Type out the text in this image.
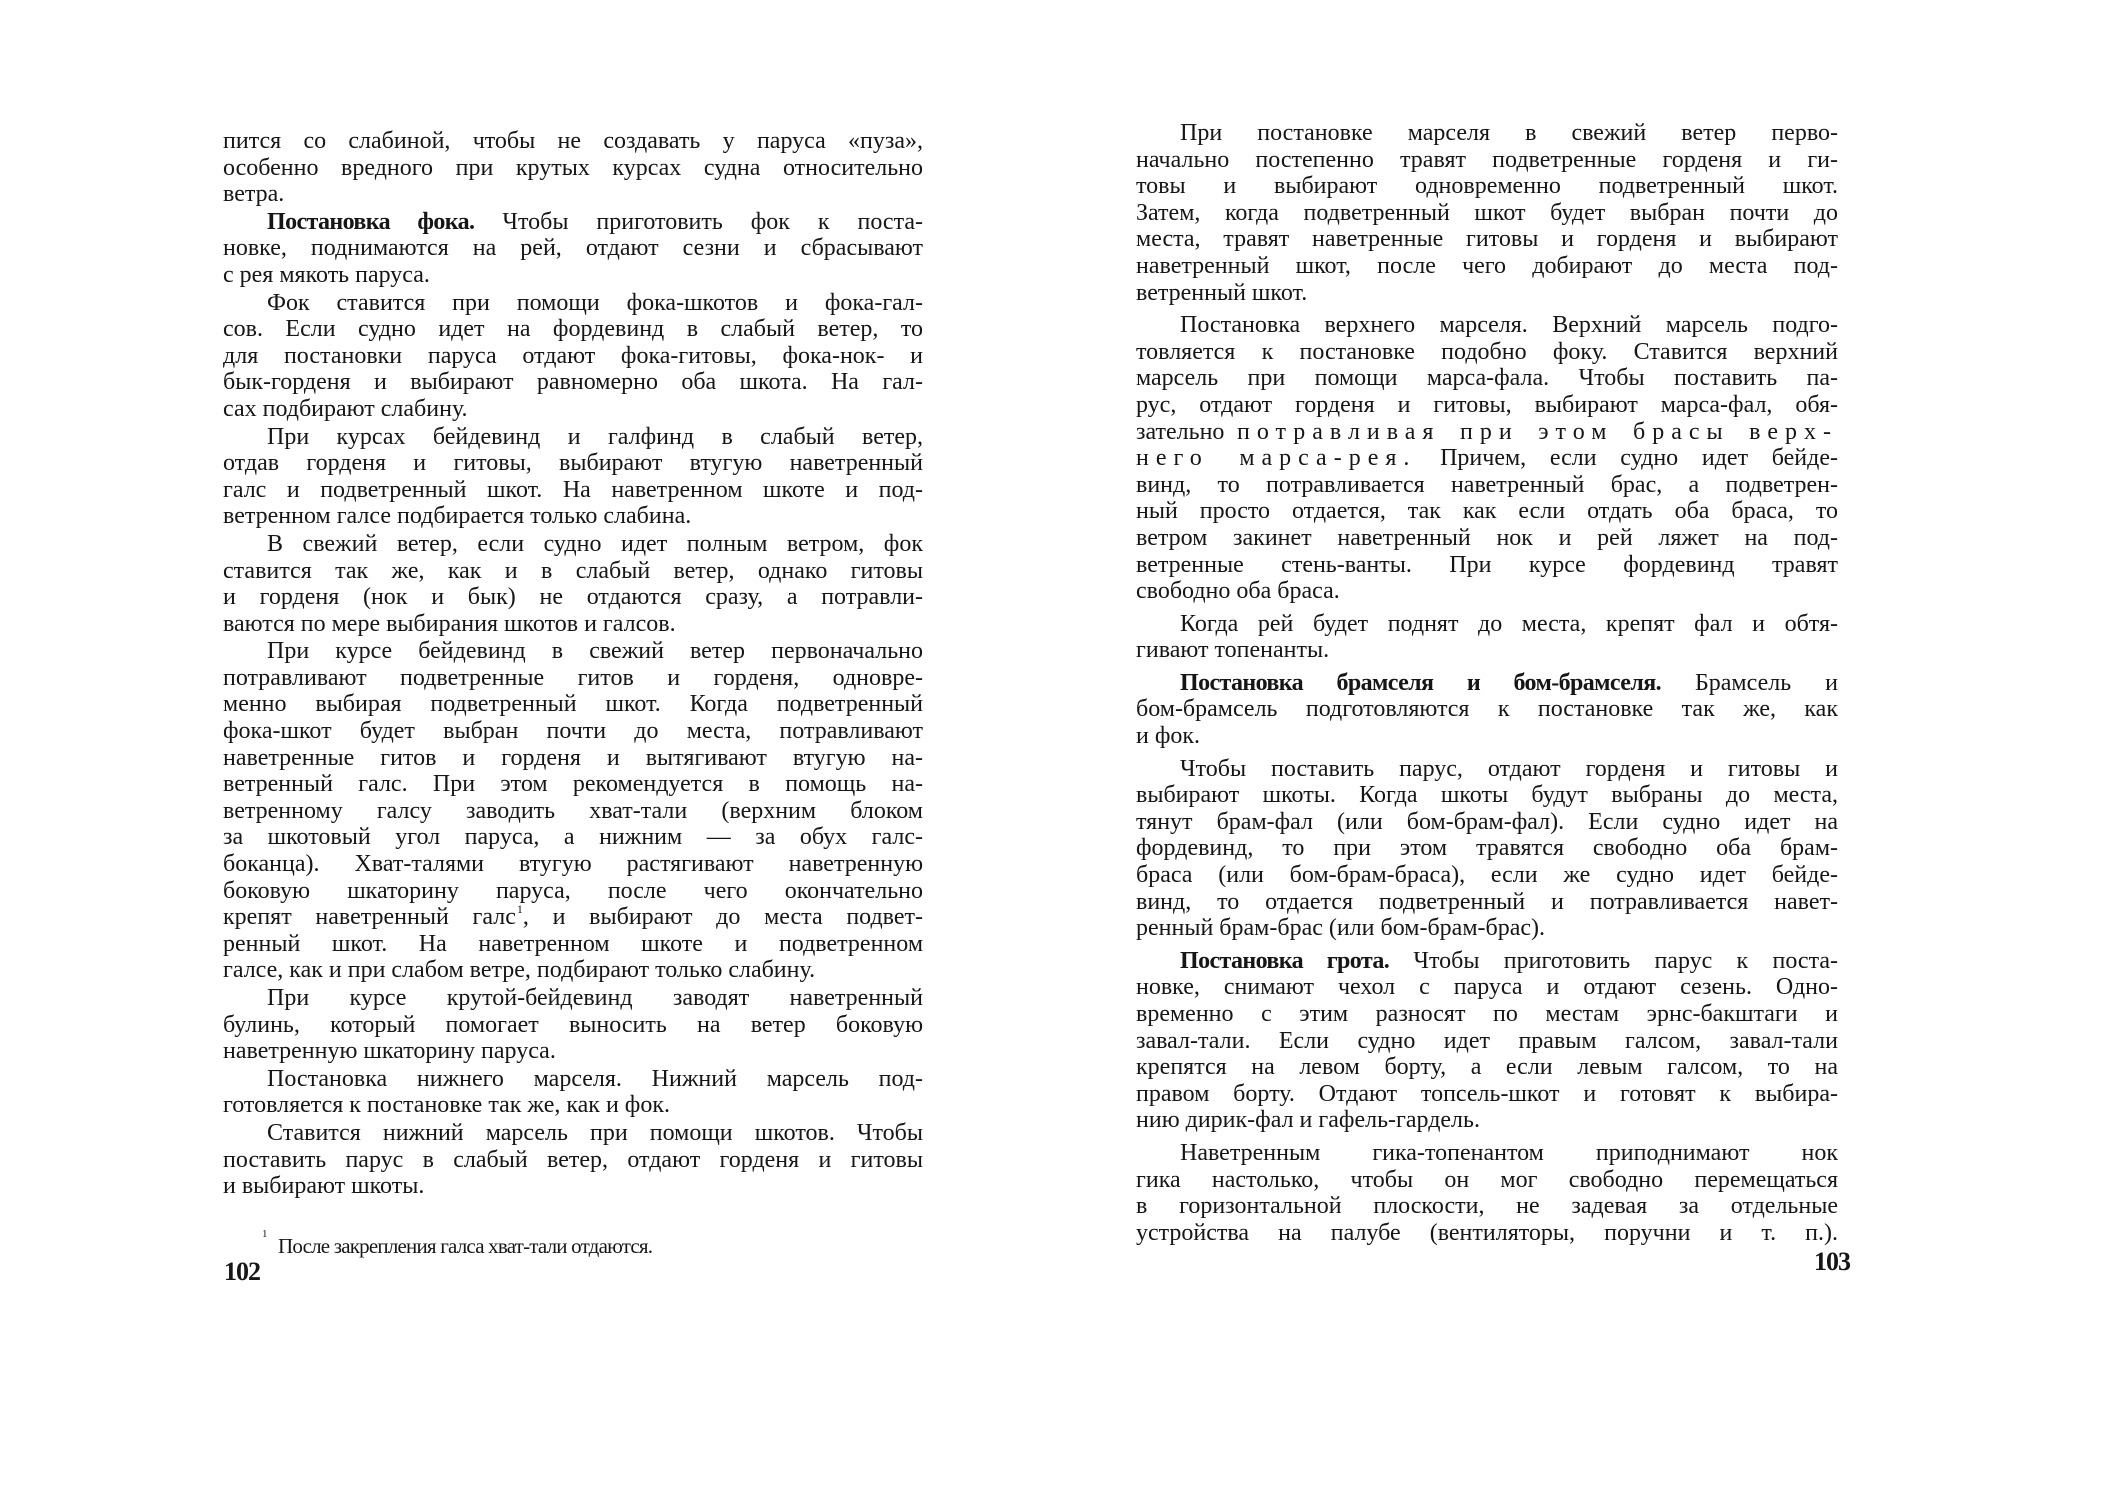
пится со слабиной, чтобы не создавать у паруса «пуза»,
особенно вредного при крутых курсах судна относительно
ветра.
Постановка фока. Чтобы приготовить фок к поста-
новке, поднимаются на рей, отдают сезни и сбрасывают
с рея мякоть паруса.
Фок ставится при помощи фока-шкотов и фока-гал-
сов. Если судно идет на фордевинд в слабый ветер, то
для постановки паруса отдают фока-гитовы, фока-нок- и
бык-горденя и выбирают равномерно оба шкота. На гал-
сах подбирают слабину.
При курсах бейдевинд и галфинд в слабый ветер,
отдав горденя и гитовы, выбирают втугую наветренный
галс и подветренный шкот. На наветренном шкоте и под-
ветренном галсе подбирается только слабина.
В свежий ветер, если судно идет полным ветром, фок
ставится так же, как и в слабый ветер, однако гитовы
и горденя (нок и бык) не отдаются сразу, а потравли-
ваются по мере выбирания шкотов и галсов.
При курсе бейдевинд в свежий ветер первоначально
потравливают подветренные гитов и горденя, одновре-
менно выбирая подветренный шкот. Когда подветренный
фока-шкот будет выбран почти до места, потравливают
наветренные гитов и горденя и вытягивают втугую на-
ветренный галс. При этом рекомендуется в помощь на-
ветренному галсу заводить хват-тали (верхним блоком
за шкотовый угол паруса, а нижним — за обух галс-
боканца). Хват-талями втугую растягивают наветренную
боковую шкаторину паруса, после чего окончательно
крепят наветренный галс$^1$, и выбирают до места подвет-
ренный шкот. На наветренном шкоте и подветренном
галсе, как и при слабом ветре, подбирают только слабину.
При курсе крутой-бейдевинд заводят наветренный
булинь, который помогает выносить на ветер боковую
наветренную шкаторину паруса.
Постановка нижнего марселя. Нижний марсель под-
готовляется к постановке так же, как и фок.
Ставится нижний марсель при помощи шкотов. Чтобы
поставить парус в слабый ветер, отдают горденя и гитовы
и выбирают шкоты.
1 После закрепления галса хват-тали отдаются.
102
При постановке марселя в свежий ветер перво-
начально постепенно травят подветренные горденя и ги-
товы и выбирают одновременно подветренный шкот.
Затем, когда подветренный шкот будет выбран почти до
места, травят наветренные гитовы и горденя и выбирают
наветренный шкот, после чего добирают до места под-
ветренный шкот.
Постановка верхнего марселя. Верхний марсель подго-
товляется к постановке подобно фоку. Ставится верхний
марсель при помощи марса-фала. Чтобы поставить па-
рус, отдают горденя и гитовы, выбирают марса-фал, обя-
зательно потравливая при этом брасы верх-
него марса-рея. Причем, если судно идет бейде-
винд, то потравливается наветренный брас, а подветрен-
ный просто отдается, так как если отдать оба браса, то
ветром закинет наветренный нок и рей ляжет на под-
ветренные стень-ванты. При курсе фордевинд травят
свободно оба браса.
Когда рей будет поднят до места, крепят фал и обтя-
гивают топенанты.
Постановка брамселя и бом-брамселя. Брамсель и
бом-брамсель подготовляются к постановке так же, как
и фок.
Чтобы поставить парус, отдают горденя и гитовы и
выбирают шкоты. Когда шкоты будут выбраны до места,
тянут брам-фал (или бом-брам-фал). Если судно идет на
фордевинд, то при этом травятся свободно оба брам-
браса (или бом-брам-браса), если же судно идет бейде-
винд, то отдается подветренный и потравливается навет-
ренный брам-брас (или бом-брам-брас).
Постановка грота. Чтобы приготовить парус к поста-
новке, снимают чехол с паруса и отдают сезень. Одно-
временно с этим разносят по местам эрнс-бакштаги и
завал-тали. Если судно идет правым галсом, завал-тали
крепятся на левом борту, а если левым галсом, то на
правом борту. Отдают топсель-шкот и готовят к выбира-
нию дирик-фал и гафель-гардель.
Наветренным гика-топенантом приподнимают нок
гика настолько, чтобы он мог свободно перемещаться
в горизонтальной плоскости, не задевая за отдельные
устройства на палубе (вентиляторы, поручни и т. п.).
103
